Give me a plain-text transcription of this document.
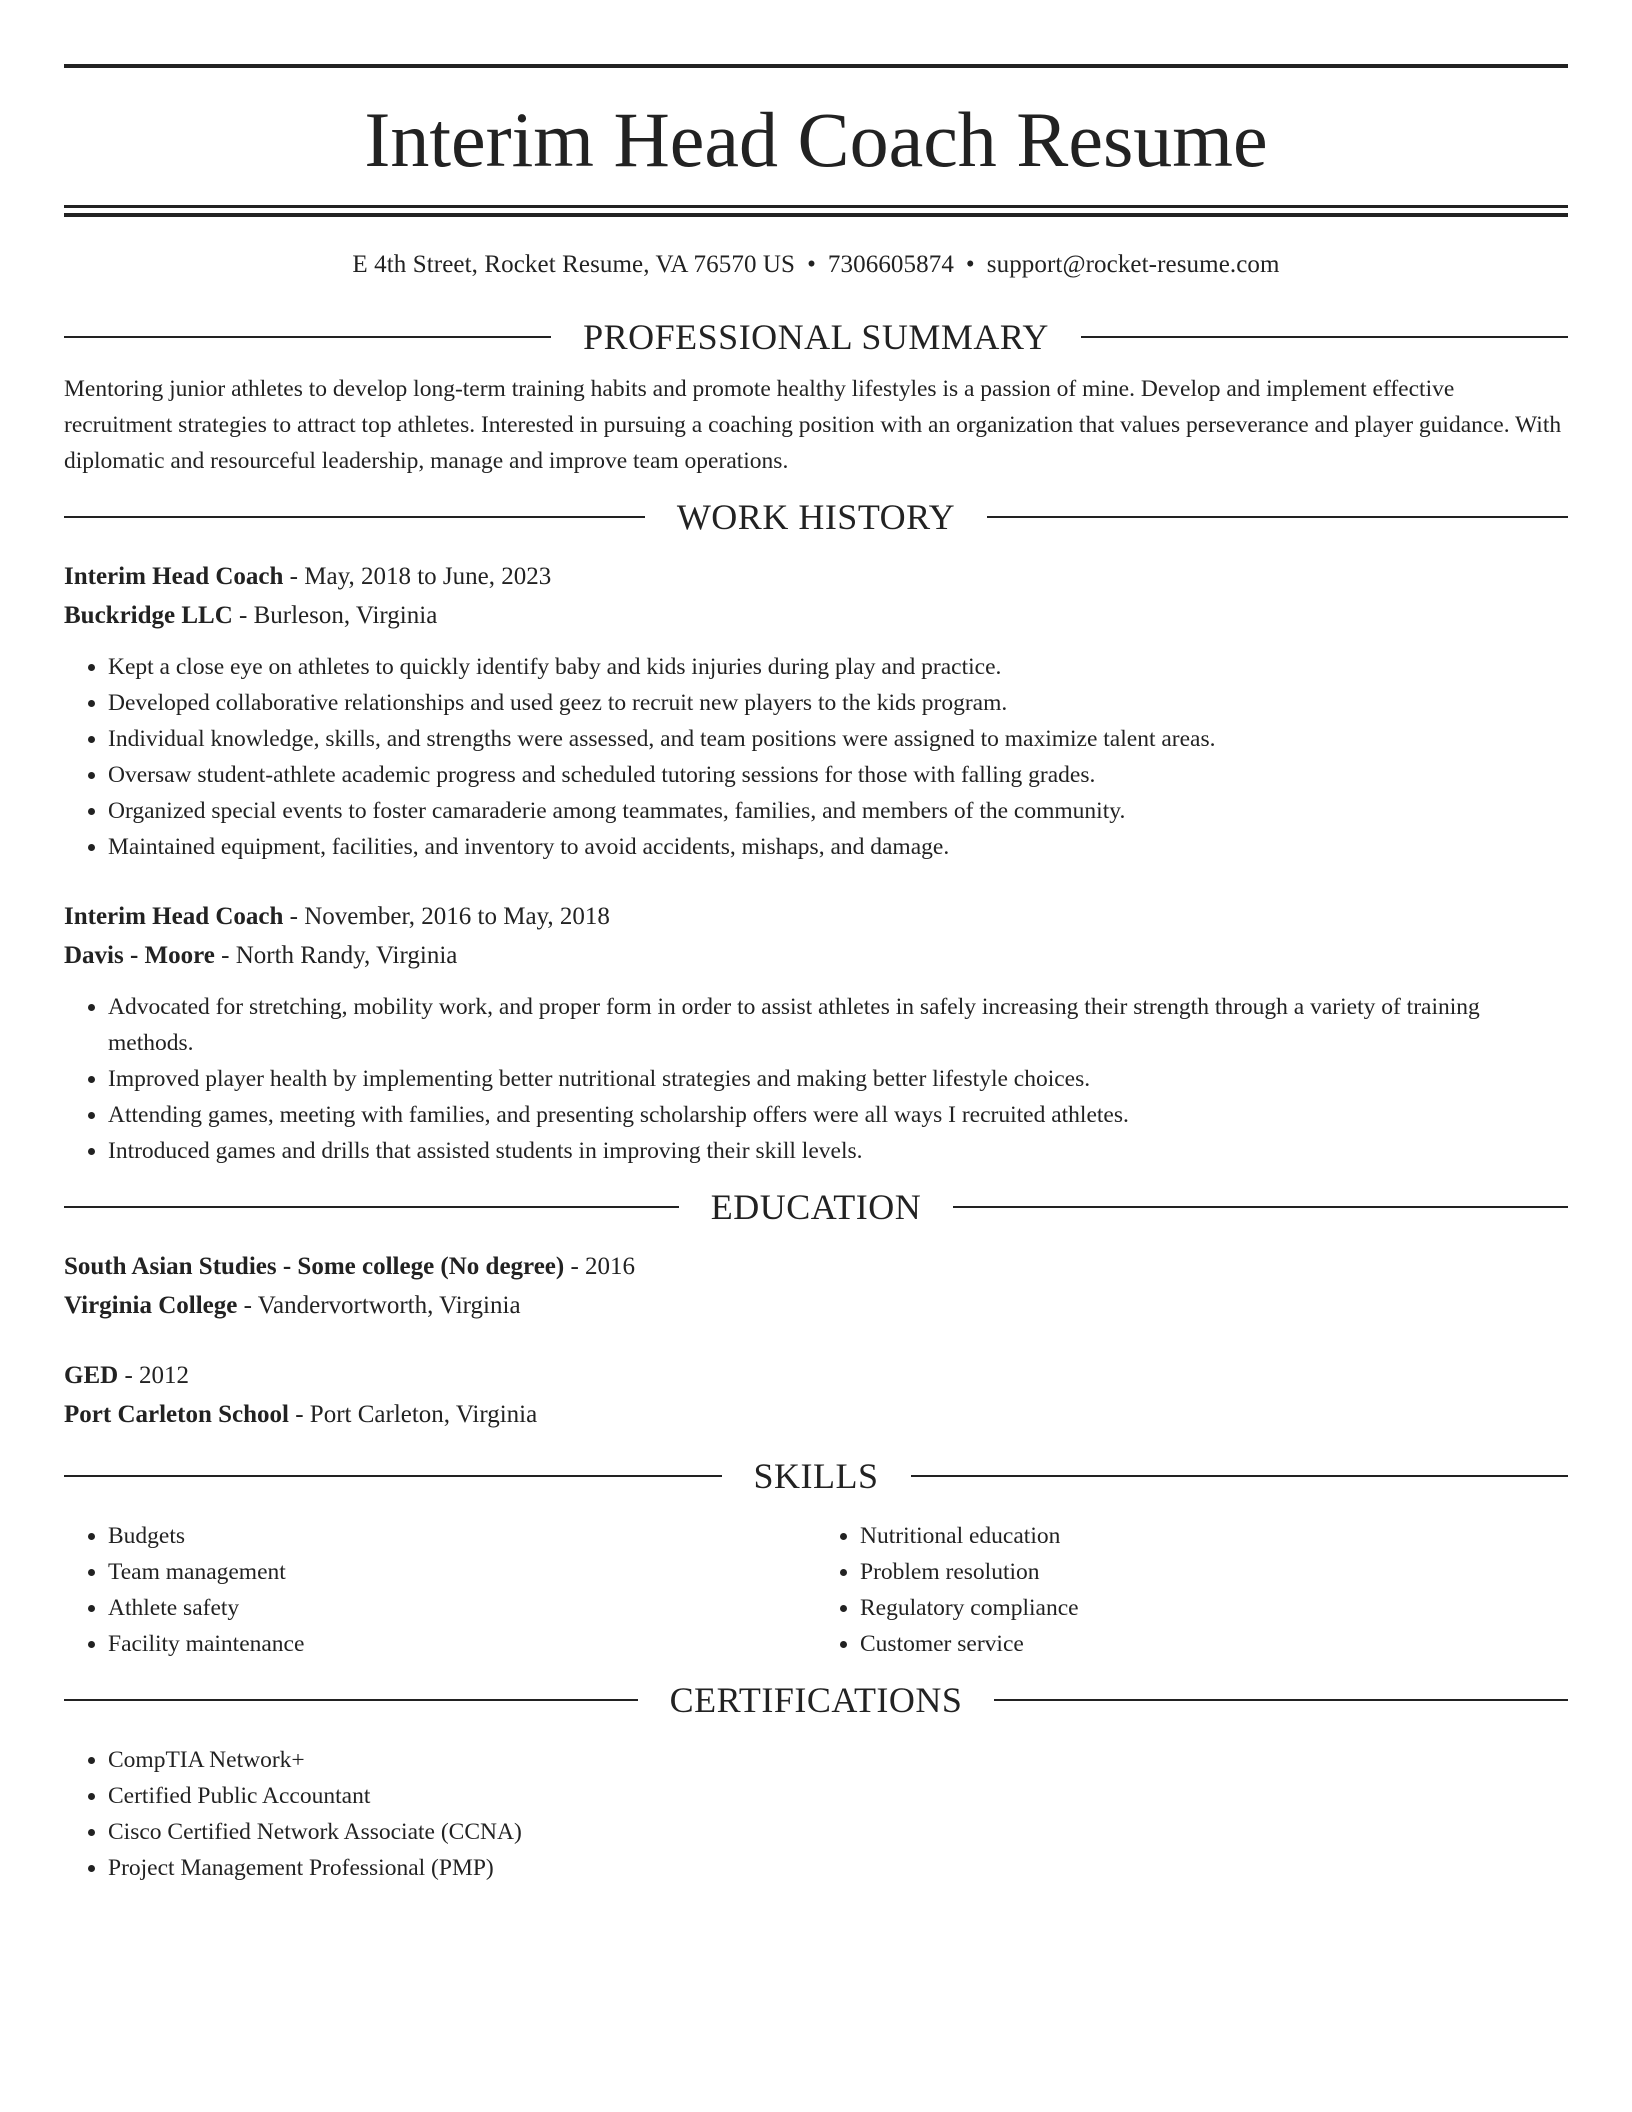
Interim Head Coach Resume
E 4th Street, Rocket Resume, VA 76570 US • 7306605874 • support@rocket-resume.com
PROFESSIONAL SUMMARY
Mentoring junior athletes to develop long-term training habits and promote healthy lifestyles is a passion of mine. Develop and implement effective recruitment strategies to attract top athletes. Interested in pursuing a coaching position with an organization that values perseverance and player guidance. With diplomatic and resourceful leadership, manage and improve team operations.
WORK HISTORY
Interim Head Coach - May, 2018 to June, 2023
Buckridge LLC - Burleson, Virginia
• Kept a close eye on athletes to quickly identify baby and kids injuries during play and practice.
• Developed collaborative relationships and used geez to recruit new players to the kids program.
• Individual knowledge, skills, and strengths were assessed, and team positions were assigned to maximize talent areas.
• Oversaw student-athlete academic progress and scheduled tutoring sessions for those with falling grades.
• Organized special events to foster camaraderie among teammates, families, and members of the community.
• Maintained equipment, facilities, and inventory to avoid accidents, mishaps, and damage.
Interim Head Coach - November, 2016 to May, 2018
Davis - Moore - North Randy, Virginia
• Advocated for stretching, mobility work, and proper form in order to assist athletes in safely increasing their strength through a variety of training methods.
• Improved player health by implementing better nutritional strategies and making better lifestyle choices.
• Attending games, meeting with families, and presenting scholarship offers were all ways I recruited athletes.
• Introduced games and drills that assisted students in improving their skill levels.
EDUCATION
South Asian Studies - Some college (No degree) - 2016
Virginia College - Vandervortworth, Virginia
GED - 2012
Port Carleton School - Port Carleton, Virginia
SKILLS
• Budgets
• Team management
• Athlete safety
• Facility maintenance
• Nutritional education
• Problem resolution
• Regulatory compliance
• Customer service
CERTIFICATIONS
• CompTIA Network+
• Certified Public Accountant
• Cisco Certified Network Associate (CCNA)
• Project Management Professional (PMP)
